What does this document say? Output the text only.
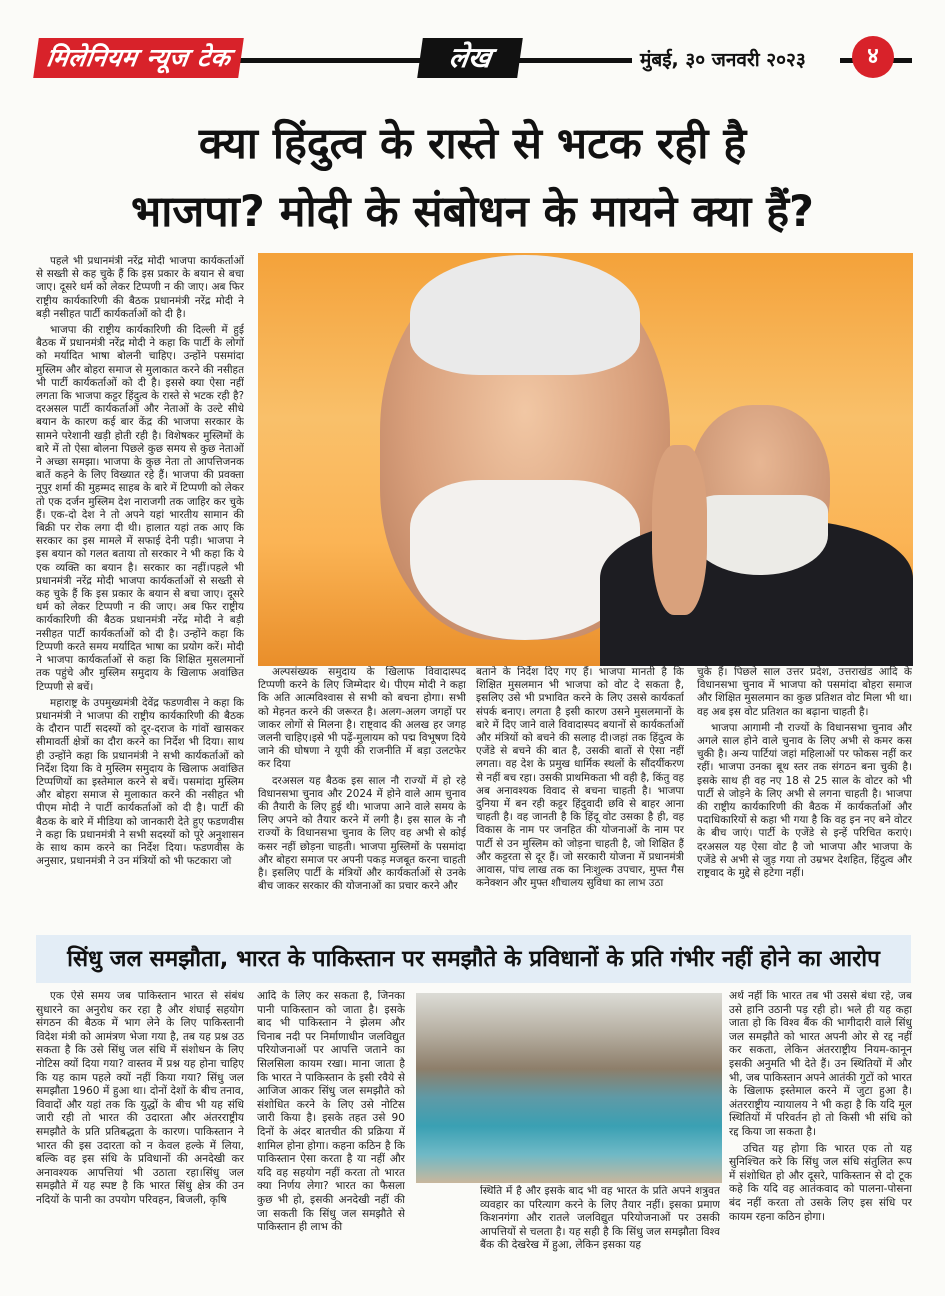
मिलेनियम न्यूज टेक	लेख	मुंबई, ३० जनवरी २०२३	४
क्या हिंदुत्व के रास्ते से भटक रही है
भाजपा? मोदी के संबोधन के मायने क्या हैं?

पहले भी प्रधानमंत्री नरेंद्र मोदी भाजपा कार्यकर्ताओं से सख्ती से कह चुके हैं कि इस प्रकार के बयान से बचा जाए। दूसरे धर्म को लेकर टिप्पणी न की जाए। अब फिर राष्ट्रीय कार्यकारिणी की बैठक प्रधानमंत्री नरेंद्र मोदी ने बड़ी नसीहत पार्टी कार्यकर्ताओं को दी है।

भाजपा की राष्ट्रीय कार्यकारिणी की दिल्ली में हुई बैठक में प्रधानमंत्री नरेंद्र मोदी ने कहा कि पार्टी के लोगों को मर्यादित भाषा बोलनी चाहिए। उन्होंने पसमांदा मुस्लिम और बोहरा समाज से मुलाकात करने की नसीहत भी पार्टी कार्यकर्ताओं को दी है। इससे क्या ऐसा नहीं लगता कि भाजपा कट्टर हिंदुत्व के रास्ते से भटक रही है? दरअसल पार्टी कार्यकर्ताओं और नेताओं के उल्टे सीधे बयान के कारण कई बार केंद्र की भाजपा सरकार के सामने परेशानी खड़ी होती रही है। विशेषकर मुस्लिमों के बारे में तो ऐसा बोलना पिछले कुछ समय से कुछ नेताओं ने अच्छा समझा। भाजपा के कुछ नेता तो आपत्तिजनक बातें कहने के लिए विख्यात रहे हैं। भाजपा की प्रवक्ता नूपुर शर्मा की मुहम्मद साहब के बारे में टिप्पणी को लेकर तो एक दर्जन मुस्लिम देश नाराजगी तक जाहिर कर चुके हैं। एक-दो देश ने तो अपने यहां भारतीय सामान की बिक्री पर रोक लगा दी थी। हालात यहां तक आए कि सरकार का इस मामले में सफाई देनी पड़ी। भाजपा ने इस बयान को गलत बताया तो सरकार ने भी कहा कि ये एक व्यक्ति का बयान है। सरकार का नहीं।पहले भी प्रधानमंत्री नरेंद्र मोदी भाजपा कार्यकर्ताओं से सख्ती से कह चुके हैं कि इस प्रकार के बयान से बचा जाए। दूसरे धर्म को लेकर टिप्पणी न की जाए। अब फिर राष्ट्रीय कार्यकारिणी की बैठक प्रधानमंत्री नरेंद्र मोदी ने बड़ी नसीहत पार्टी कार्यकर्ताओं को दी है। उन्होंने कहा कि टिप्पणी करते समय मर्यादित भाषा का प्रयोग करें। मोदी ने भाजपा कार्यकर्ताओं से कहा कि शिक्षित मुसलमानों तक पहुंचे और मुस्लिम समुदाय के खिलाफ अवांछित टिप्पणी से बचें।

महाराष्ट्र के उपमुख्यमंत्री देवेंद्र फडणवीस ने कहा कि प्रधानमंत्री ने भाजपा की राष्ट्रीय कार्यकारिणी की बैठक के दौरान पार्टी सदस्यों को दूर-दराज के गांवों खासकर सीमावर्ती क्षेत्रों का दौरा करने का निर्देश भी दिया। साथ ही उन्होंने कहा कि प्रधानमंत्री ने सभी कार्यकर्ताओं को निर्देश दिया कि वे मुस्लिम समुदाय के खिलाफ अवांछित टिप्पणियों का इस्तेमाल करने से बचें। पसमांदा मुस्लिम और बोहरा समाज से मुलाकात करने की नसीहत भी पीएम मोदी ने पार्टी कार्यकर्ताओं को दी है। पार्टी की बैठक के बारे में मीडिया को जानकारी देते हुए फडणवीस ने कहा कि प्रधानमंत्री ने सभी सदस्यों को पूरे अनुशासन के साथ काम करने का निर्देश दिया। फडणवीस के अनुसार, प्रधानमंत्री ने उन मंत्रियों को भी फटकारा जो

अल्पसंख्यक समुदाय के खिलाफ विवादास्पद टिप्पणी करने के लिए जिम्मेदार थे। पीएम मोदी ने कहा कि अति आत्मविश्वास से सभी को बचना होगा। सभी को मेहनत करने की जरूरत है। अलग-अलग जगहों पर जाकर लोगों से मिलना है। राष्ट्वाद की अलख हर जगह जलनी चाहिए।इसे भी पढ़ें-मुलायम को पद्म विभूषण दिये जाने की घोषणा ने यूपी की राजनीति में बड़ा उलटफेर कर दिया

दरअसल यह बैठक इस साल नौ राज्यों में हो रहे विधानसभा चुनाव और 2024 में होने वाले आम चुनाव की तैयारी के लिए हुई थी। भाजपा आने वाले समय के लिए अपने को तैयार करने में लगी है। इस साल के नौ राज्यों के विधानसभा चुनाव के लिए वह अभी से कोई कसर नहीं छोड़ना चाहती। भाजपा मुस्लिमों के पसमांदा और बोहरा समाज पर अपनी पकड़ मजबूत करना चाहती है। इसलिए पार्टी के मंत्रियों और कार्यकर्ताओं से उनके बीच जाकर सरकार की योजनाओं का प्रचार करने और

बताने के निर्देश दिए गए हैं। भाजपा मानती है कि शिक्षित मुसलमान भी भाजपा को वोट दे सकता है, इसलिए उसे भी प्रभावित करने के लिए उससे कार्यकर्ता संपर्क बनाए। लगता है इसी कारण उसने मुसलमानों के बारे में दिए जाने वाले विवादास्पद बयानों से कार्यकर्ताओं और मंत्रियों को बचने की सलाह दी।जहां तक हिंदुत्व के एजेंडे से बचने की बात है, उसकी बातों से ऐसा नहीं लगता। वह देश के प्रमुख धार्मिक स्थलों के सौंदर्यीकरण से नहीं बच रहा। उसकी प्राथमिकता भी वही है, किंतु वह अब अनावश्यक विवाद से बचना चाहती है। भाजपा दुनिया में बन रही कट्टर हिंदुवादी छवि से बाहर आना चाहती है। वह जानती है कि हिंदू वोट उसका है ही, वह विकास के नाम पर जनहित की योजनाओं के नाम पर पार्टी से उन मुस्लिम को जोड़ना चाहती है, जो शिक्षित हैं और कट्टरता से दूर हैं। जो सरकारी योजना में प्रधानमंत्री आवास, पांच लाख तक का निःशुल्क उपचार, मुफ्त गैस कनेक्शन और मुफ्त शौचालय सुविधा का लाभ उठा

चुके हैं। पिछले साल उत्तर प्रदेश, उत्तराखंड आदि के विधानसभा चुनाव में भाजपा को पसमांदा बोहरा समाज और शिक्षित मुसलमान का कुछ प्रतिशत वोट मिला भी था। वह अब इस वोट प्रतिशत का बढ़ाना चाहती है।

भाजपा आगामी नौ राज्यों के विधानसभा चुनाव और अगले साल होने वाले चुनाव के लिए अभी से कमर कस चुकी है। अन्य पार्टियां जहां महिलाओं पर फोकस नहीं कर रहीं। भाजपा उनका बूथ स्तर तक संगठन बना चुकी है। इसके साथ ही वह नए 18 से 25 साल के वोटर को भी पार्टी से जोड़ने के लिए अभी से लगना चाहती है। भाजपा की राष्ट्रीय कार्यकारिणी की बैठक में कार्यकर्ताओं और पदाधिकारियों से कहा भी गया है कि वह इन नए बने वोटर के बीच जाएं। पार्टी के एजेंडे से इन्हें परिचित कराएं। दरअसल यह ऐसा वोट है जो भाजपा और भाजपा के एजेंडे से अभी से जुड़ गया तो उम्रभर देशहित, हिंदुत्व और राष्ट्रवाद के मुद्दे से हटेगा नहीं।

सिंधु जल समझौता, भारत के पाकिस्तान पर समझौते के प्रविधानों के प्रति गंभीर नहीं होने का आरोप

एक ऐसे समय जब पाकिस्तान भारत से संबंध सुधारने का अनुरोध कर रहा है और शंघाई सहयोग संगठन की बैठक में भाग लेने के लिए पाकिस्तानी विदेश मंत्री को आमंत्रण भेजा गया है, तब यह प्रश्न उठ सकता है कि उसे सिंधु जल संधि में संशोधन के लिए नोटिस क्यों दिया गया? वास्तव में प्रश्न यह होना चाहिए कि यह काम पहले क्यों नहीं किया गया? सिंधु जल समझौता 1960 में हुआ था। दोनों देशों के बीच तनाव, विवादों और यहां तक कि युद्धों के बीच भी यह संधि जारी रही तो भारत की उदारता और अंतरराष्ट्रीय समझौते के प्रति प्रतिबद्धता के कारण। पाकिस्तान ने भारत की इस उदारता को न केवल हल्के में लिया, बल्कि वह इस संधि के प्रविधानों की अनदेखी कर अनावश्यक आपत्तियां भी उठाता रहा।सिंधु जल समझौते में यह स्पष्ट है कि भारत सिंधु क्षेत्र की उन नदियों के पानी का उपयोग परिवहन, बिजली, कृषि

आदि के लिए कर सकता है, जिनका पानी पाकिस्तान को जाता है। इसके बाद भी पाकिस्तान ने झेलम और चिनाब नदी पर निर्माणाधीन जलविद्युत परियोजनाओं पर आपत्ति जताने का सिलसिला कायम रखा। माना जाता है कि भारत ने पाकिस्तान के इसी रवैये से आजिज आकर सिंधु जल समझौते को संशोधित करने के लिए उसे नोटिस जारी किया है। इसके तहत उसे 90 दिनों के अंदर बातचीत की प्रक्रिया में शामिल होना होगा। कहना कठिन है कि पाकिस्तान ऐसा करता है या नहीं और यदि वह सहयोग नहीं करता तो भारत क्या निर्णय लेगा? भारत का फैसला कुछ भी हो, इसकी अनदेखी नहीं की जा सकती कि सिंधु जल समझौते से पाकिस्तान ही लाभ की

स्थिति में है और इसके बाद भी वह भारत के प्रति अपने शत्रुवत व्यवहार का परित्याग करने के लिए तैयार नहीं। इसका प्रमाण किशनगंगा और रातले जलविद्युत परियोजनाओं पर उसकी आपत्तियों से चलता है। यह सही है कि सिंधु जल समझौता विश्व बैंक की देखरेख में हुआ, लेकिन इसका यह

अर्थ नहीं कि भारत तब भी उससे बंधा रहे, जब उसे हानि उठानी पड़ रही हो। भले ही यह कहा जाता हो कि विश्व बैंक की भागीदारी वाले सिंधु जल समझौते को भारत अपनी ओर से रद्द नहीं कर सकता, लेकिन अंतरराष्ट्रीय नियम-कानून इसकी अनुमति भी देते हैं। उन स्थितियों में और भी, जब पाकिस्तान अपने आतंकी गुटों को भारत के खिलाफ इस्तेमाल करने में जुटा हुआ है। अंतरराष्ट्रीय न्यायालय ने भी कहा है कि यदि मूल स्थितियों में परिवर्तन हो तो किसी भी संधि को रद्द किया जा सकता है।

उचित यह होगा कि भारत एक तो यह सुनिश्चित करे कि सिंधु जल संधि संतुलित रूप में संशोधित हो और दूसरे, पाकिस्तान से दो टूक कहे कि यदि वह आतंकवाद को पालना-पोसना बंद नहीं करता तो उसके लिए इस संधि पर कायम रहना कठिन होगा।
